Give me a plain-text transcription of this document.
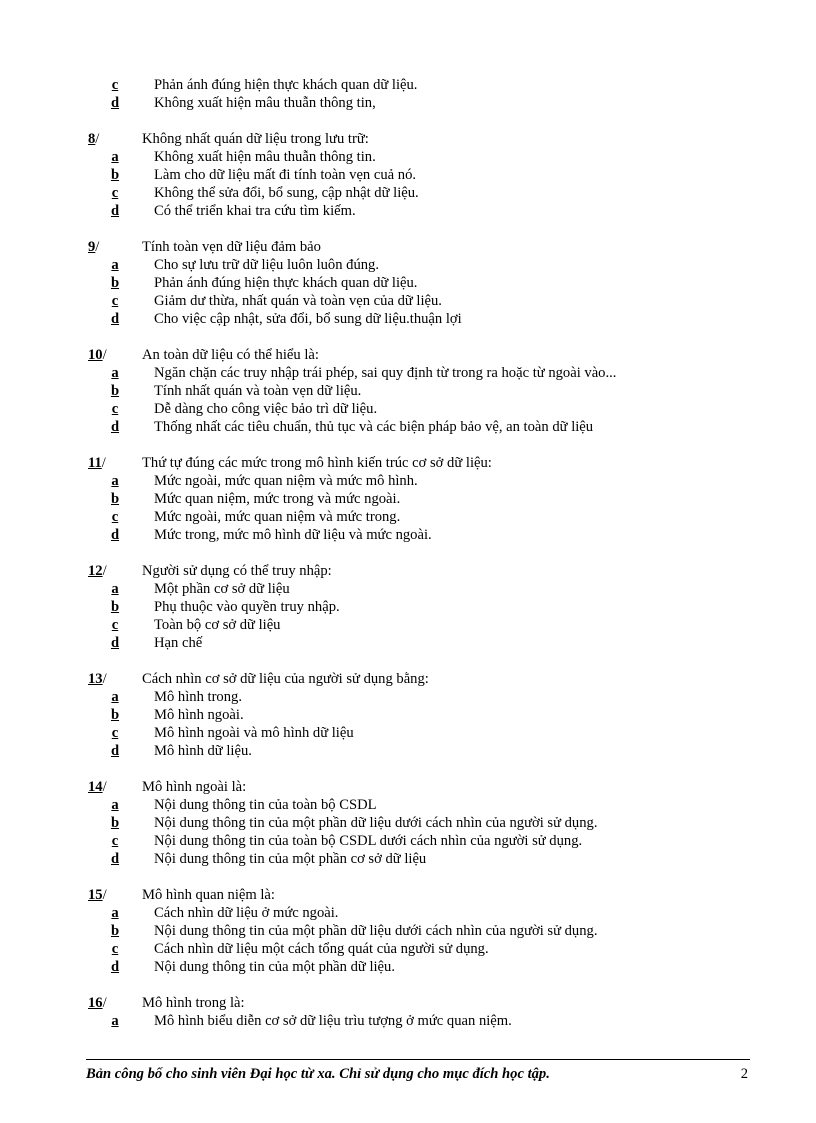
c	Phản ánh đúng hiện thực khách quan dữ liệu.
d	Không xuất hiện mâu thuẫn thông tin,
8/	Không nhất quán dữ liệu trong lưu trữ:
a	Không xuất hiện mâu thuẫn thông tin.
b	Làm cho dữ liệu mất đi tính toàn vẹn cuả nó.
c	Không thể sửa đổi, bổ sung, cập nhật dữ liệu.
d	Có thể triển khai tra cứu tìm kiếm.
9/	Tính toàn vẹn dữ liệu đảm bảo
a	Cho sự lưu trữ dữ liệu luôn luôn đúng.
b	Phản ánh đúng hiện thực khách quan dữ liệu.
c	Giảm dư thừa, nhất quán và toàn vẹn của dữ liệu.
d	Cho việc cập nhật, sửa đổi, bổ sung dữ liệu.thuận lợi
10/	An toàn dữ liệu có thể hiểu là:
a	Ngăn chặn các truy nhập trái phép, sai quy định từ trong ra hoặc từ ngoài vào...
b	Tính nhất quán và toàn vẹn dữ liệu.
c	Dễ dàng cho công việc bảo trì dữ liệu.
d	Thống nhất các tiêu chuẩn, thủ tục và các biện pháp bảo vệ, an toàn dữ liệu
11/	Thứ tự đúng các mức trong mô hình kiến trúc cơ sở dữ liệu:
a	Mức ngoài, mức quan niệm và mức mô hình.
b	Mức quan niệm, mức trong và mức ngoài.
c	Mức ngoài, mức quan niệm và mức trong.
d	Mức trong, mức mô hình dữ liệu và mức ngoài.
12/	Người sử dụng có thể truy nhập:
a	Một phần cơ sở dữ liệu
b	Phụ thuộc vào quyền truy nhập.
c	Toàn bộ cơ sở dữ liệu
d	Hạn chế
13/	Cách nhìn cơ sở dữ liệu của người sử dụng bằng:
a	Mô hình trong.
b	Mô hình ngoài.
c	Mô hình ngoài và mô hình dữ liệu
d	Mô hình dữ liệu.
14/	Mô hình ngoài là:
a	Nội dung thông tin của toàn bộ CSDL
b	Nội dung thông tin của một phần dữ liệu dưới cách nhìn của người sử dụng.
c	Nội dung thông tin của toàn bộ CSDL dưới cách nhìn của người sử dụng.
d	Nội dung thông tin của một phần cơ sở dữ liệu
15/	Mô hình quan niệm là:
a	Cách nhìn dữ liệu ở mức ngoài.
b	Nội dung thông tin của một phần dữ liệu dưới cách nhìn của người sử dụng.
c	Cách nhìn dữ liệu một cách tổng quát của người sử dụng.
d	Nội dung thông tin của một phần dữ liệu.
16/	Mô hình trong là:
a	Mô hình biểu diễn cơ sở dữ liệu trìu tượng ở mức quan niệm.
Bản công bố cho sinh viên Đại học từ xa. Chỉ sử dụng cho mục đích học tập.	2
